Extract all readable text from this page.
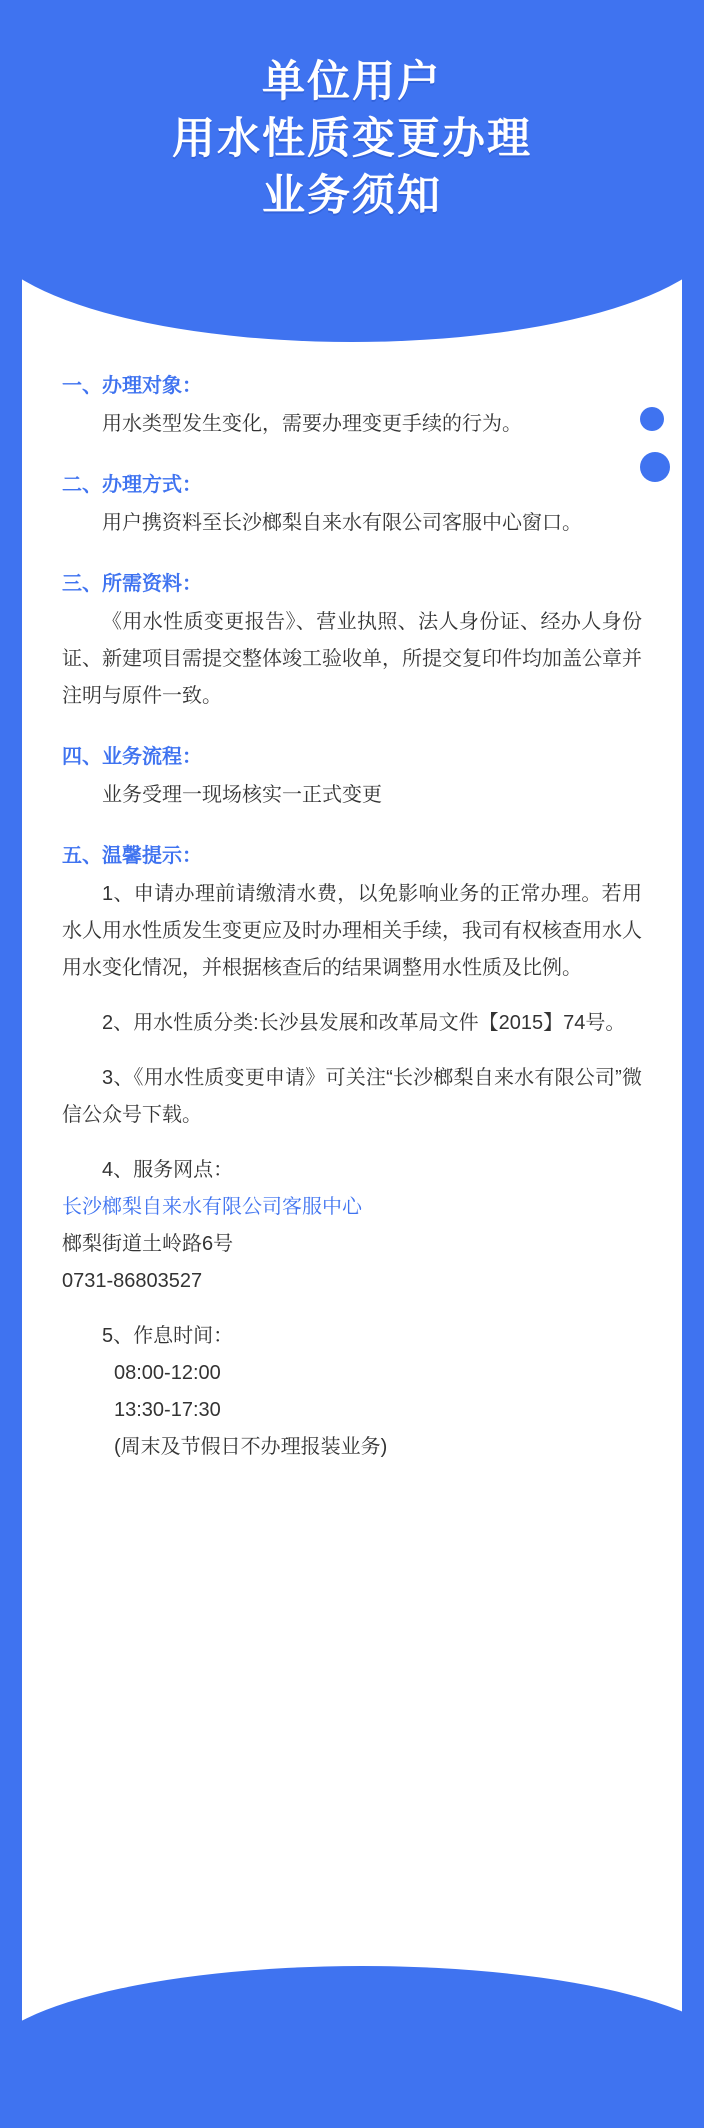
单位用户
用水性质变更办理
业务须知
一、办理对象：
用水类型发生变化，需要办理变更手续的行为。
二、办理方式：
用户携资料至长沙榔梨自来水有限公司客服中心窗口。
三、所需资料：
《用水性质变更报告》、营业执照、法人身份证、经办人身份证、新建项目需提交整体竣工验收单，所提交复印件均加盖公章并注明与原件一致。
四、业务流程：
业务受理一现场核实一正式变更
五、温馨提示：
1、申请办理前请缴清水费，以免影响业务的正常办理。若用水人用水性质发生变更应及时办理相关手续，我司有权核查用水人用水变化情况，并根据核查后的结果调整用水性质及比例。
2、用水性质分类:长沙县发展和改革局文件【2015】74号。
3、《用水性质变更申请》可关注“长沙榔梨自来水有限公司”微信公众号下载。
4、服务网点：
长沙榔梨自来水有限公司客服中心
榔梨街道土岭路6号
0731-86803527
5、作息时间：
08:00-12:00
13:30-17:30
(周末及节假日不办理报装业务)
